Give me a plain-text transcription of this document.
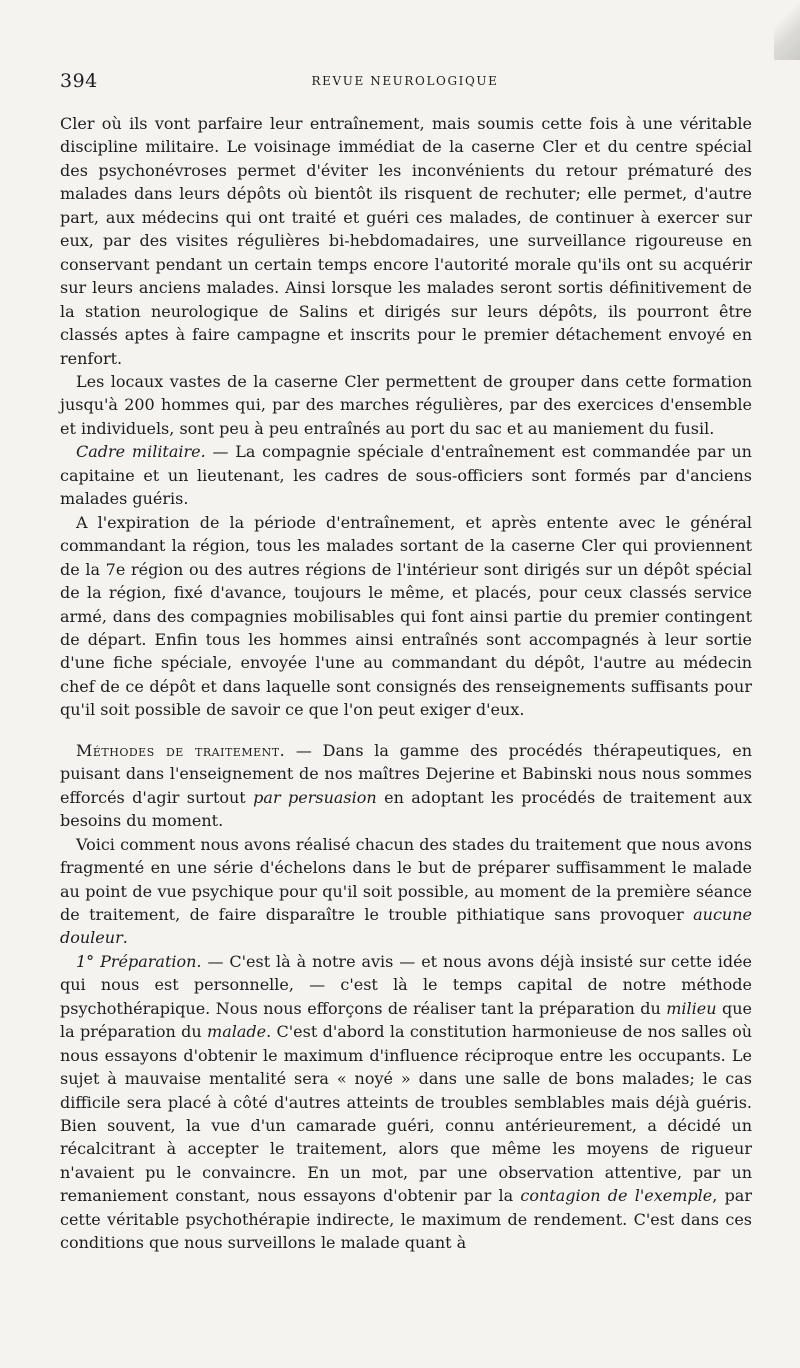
394	REVUE NEUROLOGIQUE

Cler où ils vont parfaire leur entraînement, mais soumis cette fois à une véritable discipline militaire. Le voisinage immédiat de la caserne Cler et du centre spécial des psychonévroses permet d'éviter les inconvénients du retour prématuré des malades dans leurs dépôts où bientôt ils risquent de rechuter; elle permet, d'autre part, aux médecins qui ont traité et guéri ces malades, de continuer à exercer sur eux, par des visites régulières bi-hebdomadaires, une surveillance rigoureuse en conservant pendant un certain temps encore l'autorité morale qu'ils ont su acquérir sur leurs anciens malades. Ainsi lorsque les malades seront sortis définitivement de la station neurologique de Salins et dirigés sur leurs dépôts, ils pourront être classés aptes à faire campagne et inscrits pour le premier détachement envoyé en renfort.

Les locaux vastes de la caserne Cler permettent de grouper dans cette formation jusqu'à 200 hommes qui, par des marches régulières, par des exercices d'ensemble et individuels, sont peu à peu entraînés au port du sac et au maniement du fusil.

Cadre militaire. — La compagnie spéciale d'entraînement est commandée par un capitaine et un lieutenant, les cadres de sous-officiers sont formés par d'anciens malades guéris.

A l'expiration de la période d'entraînement, et après entente avec le général commandant la région, tous les malades sortant de la caserne Cler qui proviennent de la 7e région ou des autres régions de l'intérieur sont dirigés sur un dépôt spécial de la région, fixé d'avance, toujours le même, et placés, pour ceux classés service armé, dans des compagnies mobilisables qui font ainsi partie du premier contingent de départ. Enfin tous les hommes ainsi entraînés sont accompagnés à leur sortie d'une fiche spéciale, envoyée l'une au commandant du dépôt, l'autre au médecin chef de ce dépôt et dans laquelle sont consignés des renseignements suffisants pour qu'il soit possible de savoir ce que l'on peut exiger d'eux.

Méthodes de traitement. — Dans la gamme des procédés thérapeutiques, en puisant dans l'enseignement de nos maîtres Dejerine et Babinski nous nous sommes efforcés d'agir surtout par persuasion en adoptant les procédés de traitement aux besoins du moment.

Voici comment nous avons réalisé chacun des stades du traitement que nous avons fragmenté en une série d'échelons dans le but de préparer suffisamment le malade au point de vue psychique pour qu'il soit possible, au moment de la première séance de traitement, de faire disparaître le trouble pithiatique sans provoquer aucune douleur.

1° Préparation. — C'est là à notre avis — et nous avons déjà insisté sur cette idée qui nous est personnelle, — c'est là le temps capital de notre méthode psychothérapique. Nous nous efforçons de réaliser tant la préparation du milieu que la préparation du malade. C'est d'abord la constitution harmonieuse de nos salles où nous essayons d'obtenir le maximum d'influence réciproque entre les occupants. Le sujet à mauvaise mentalité sera « noyé » dans une salle de bons malades; le cas difficile sera placé à côté d'autres atteints de troubles semblables mais déjà guéris. Bien souvent, la vue d'un camarade guéri, connu antérieurement, a décidé un récalcitrant à accepter le traitement, alors que même les moyens de rigueur n'avaient pu le convaincre. En un mot, par une observation attentive, par un remaniement constant, nous essayons d'obtenir par la contagion de l'exemple, par cette véritable psychothérapie indirecte, le maximum de rendement. C'est dans ces conditions que nous surveillons le malade quant à
